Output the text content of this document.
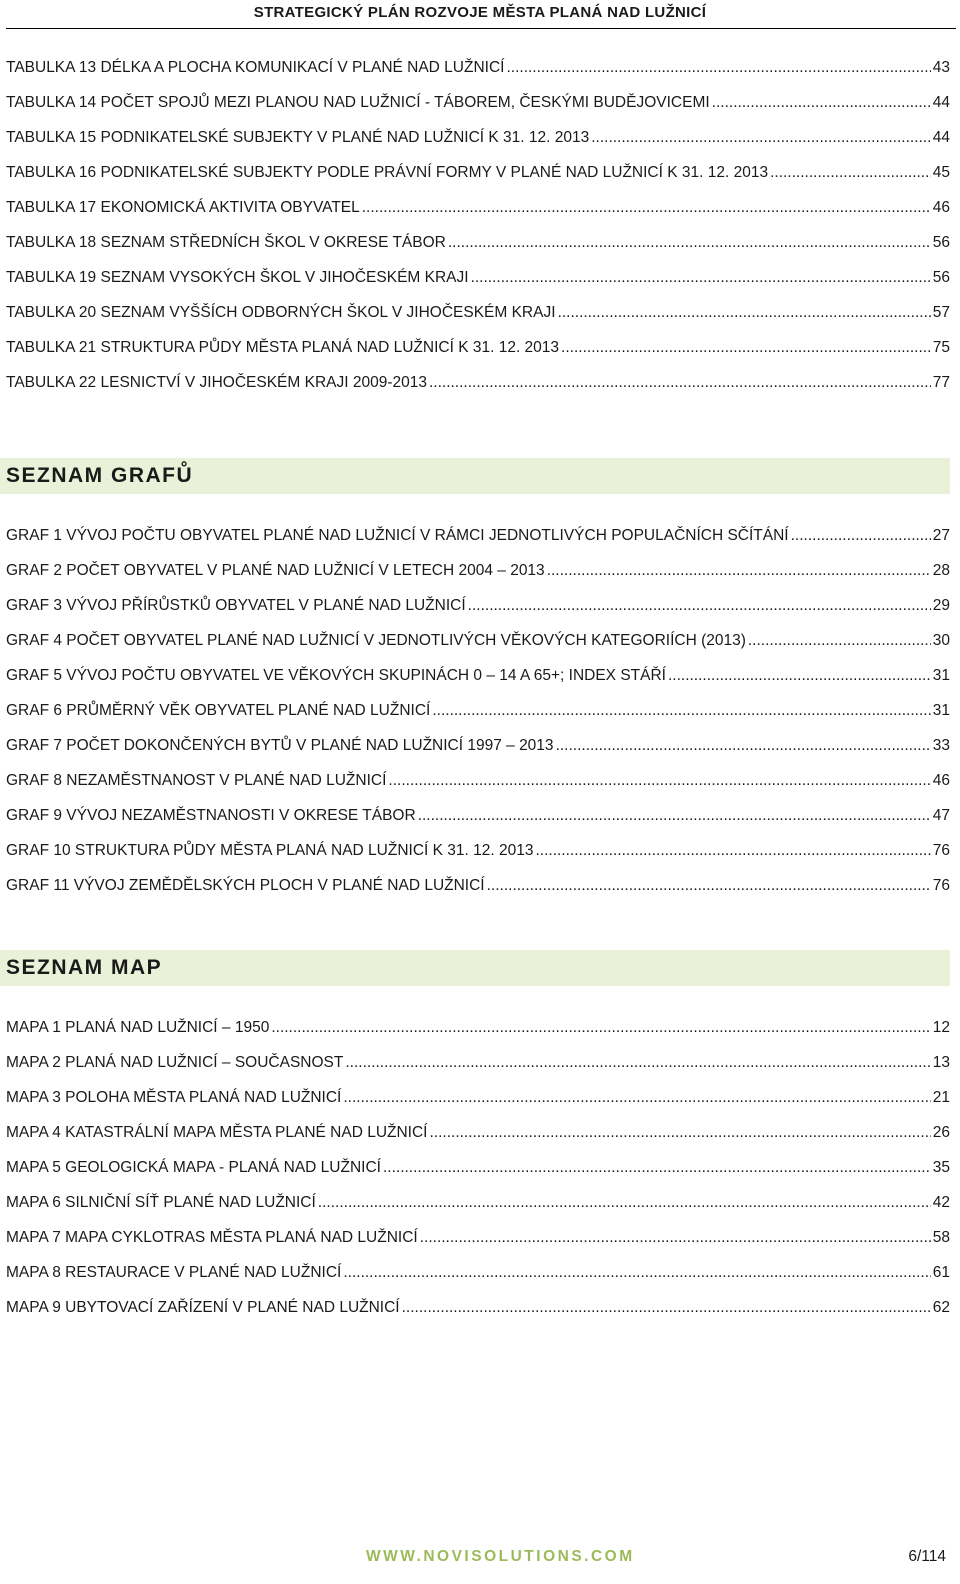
STRATEGICKÝ PLÁN ROZVOJE MĚSTA PLANÁ NAD LUŽNICÍ
TABULKA 13 DÉLKA A PLOCHA KOMUNIKACÍ V PLANÉ NAD LUŽNICÍ .....	43
TABULKA 14 POČET SPOJŮ MEZI PLANOU NAD LUŽNICÍ - TÁBOREM, ČESKÝMI BUDĚJOVICEMI .....	44
TABULKA 15 PODNIKATELSKÉ SUBJEKTY V PLANÉ NAD LUŽNICÍ K 31. 12. 2013 .....	44
TABULKA 16 PODNIKATELSKÉ SUBJEKTY PODLE PRÁVNÍ FORMY V PLANÉ NAD LUŽNICÍ K 31. 12. 2013 .....	45
TABULKA 17 EKONOMICKÁ AKTIVITA OBYVATEL .....	46
TABULKA 18 SEZNAM STŘEDNÍCH ŠKOL V OKRESE TÁBOR .....	56
TABULKA 19 SEZNAM VYSOKÝCH ŠKOL V JIHOČESKÉM KRAJI .....	56
TABULKA 20 SEZNAM VYŠŠÍCH ODBORNÝCH ŠKOL V JIHOČESKÉM KRAJI .....	57
TABULKA 21 STRUKTURA PŮDY MĚSTA PLANÁ NAD LUŽNICÍ K 31. 12. 2013 .....	75
TABULKA 22 LESNICTVÍ V JIHOČESKÉM KRAJI 2009-2013 .....	77
SEZNAM GRAFŮ
GRAF 1 VÝVOJ POČTU OBYVATEL PLANÉ NAD LUŽNICÍ V RÁMCI JEDNOTLIVÝCH POPULAČNÍCH SČÍTÁNÍ .....	27
GRAF 2 POČET OBYVATEL V PLANÉ NAD LUŽNICÍ V LETECH 2004 – 2013 .....	28
GRAF 3 VÝVOJ PŘÍRŮSTKŮ OBYVATEL V PLANÉ NAD LUŽNICÍ .....	29
GRAF 4 POČET OBYVATEL PLANÉ NAD LUŽNICÍ V JEDNOTLIVÝCH VĚKOVÝCH KATEGORIÍCH (2013) .....	30
GRAF 5 VÝVOJ POČTU OBYVATEL VE VĚKOVÝCH SKUPINÁCH 0 – 14 A 65+; INDEX STÁŘÍ .....	31
GRAF 6 PRŮMĚRNÝ VĚK OBYVATEL PLANÉ NAD LUŽNICÍ .....	31
GRAF 7 POČET DOKONČENÝCH BYTŮ V PLANÉ NAD LUŽNICÍ 1997 – 2013 .....	33
GRAF 8 NEZAMĚSTNANOST V PLANÉ NAD LUŽNICÍ .....	46
GRAF 9 VÝVOJ NEZAMĚSTNANOSTI V OKRESE TÁBOR .....	47
GRAF 10 STRUKTURA PŮDY MĚSTA PLANÁ NAD LUŽNICÍ K 31. 12. 2013 .....	76
GRAF 11 VÝVOJ ZEMĚDĚLSKÝCH PLOCH V PLANÉ NAD LUŽNICÍ .....	76
SEZNAM MAP
MAPA 1 PLANÁ NAD LUŽNICÍ – 1950 .....	12
MAPA 2 PLANÁ NAD LUŽNICÍ – SOUČASNOST .....	13
MAPA 3 POLOHA MĚSTA PLANÁ NAD LUŽNICÍ .....	21
MAPA 4 KATASTRÁLNÍ MAPA MĚSTA PLANÉ NAD LUŽNICÍ .....	26
MAPA 5 GEOLOGICKÁ MAPA - PLANÁ NAD LUŽNICÍ .....	35
MAPA 6 SILNIČNÍ SÍŤ PLANÉ NAD LUŽNICÍ .....	42
MAPA 7 MAPA CYKLOTRAS MĚSTA PLANÁ NAD LUŽNICÍ .....	58
MAPA 8 RESTAURACE V PLANÉ NAD LUŽNICÍ .....	61
MAPA 9 UBYTOVACÍ ZAŘÍZENÍ V PLANÉ NAD LUŽNICÍ .....	62
WWW.NOVISOLUTIONS.COM	6/114
